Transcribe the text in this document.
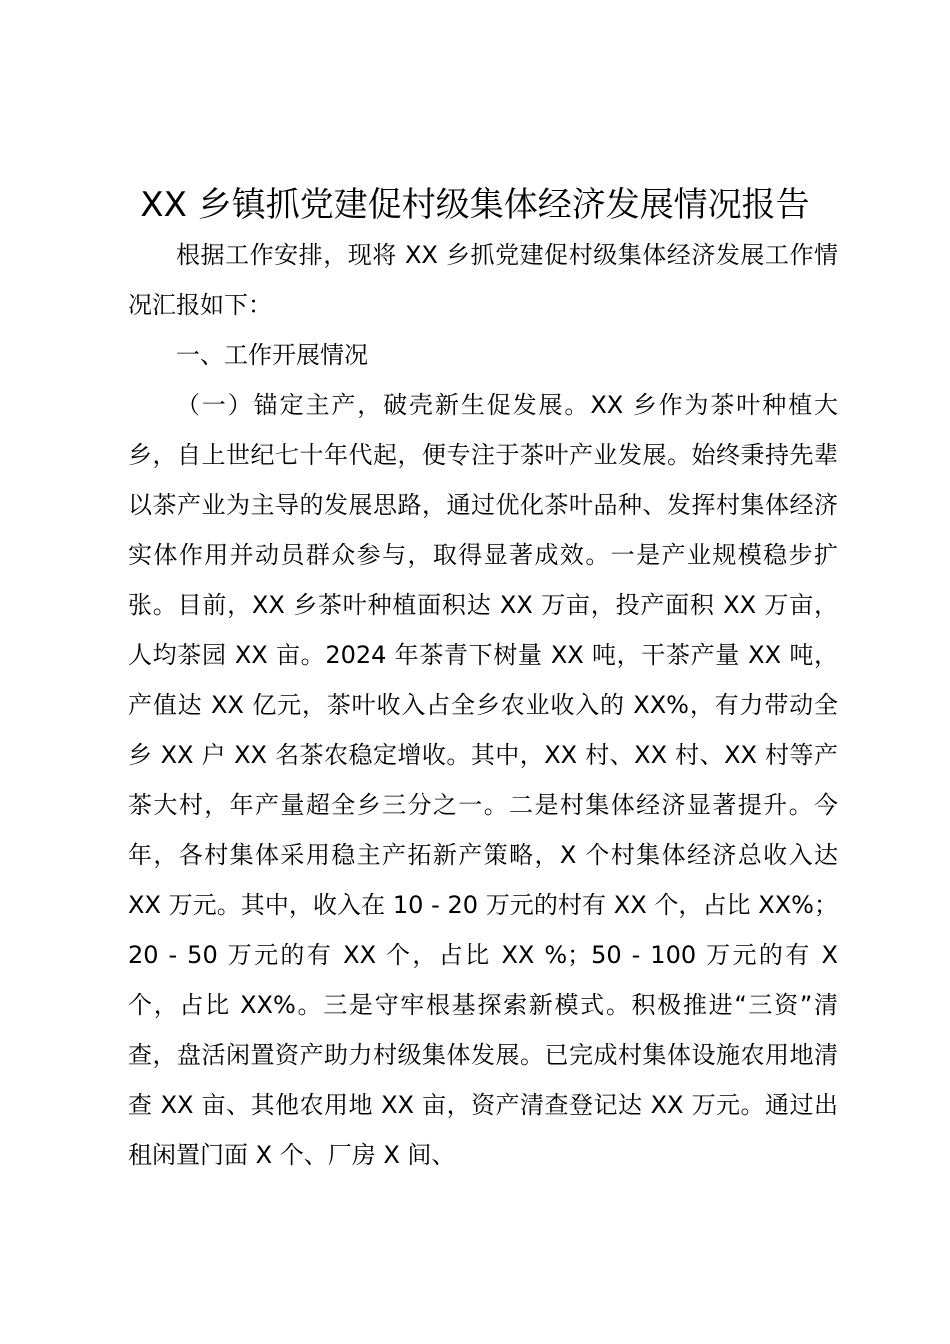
XX 乡镇抓党建促村级集体经济发展情况报告

根据工作安排，现将 XX 乡抓党建促村级集体经济发展工作情况汇报如下：

一、工作开展情况

（一）锚定主产，破壳新生促发展。XX 乡作为茶叶种植大乡，自上世纪七十年代起，便专注于茶叶产业发展。始终秉持先辈以茶产业为主导的发展思路，通过优化茶叶品种、发挥村集体经济实体作用并动员群众参与，取得显著成效。一是产业规模稳步扩张。目前，XX 乡茶叶种植面积达 XX 万亩，投产面积 XX 万亩，人均茶园 XX 亩。2024 年茶青下树量 XX 吨，干茶产量 XX 吨，产值达 XX 亿元，茶叶收入占全乡农业收入的 XX%，有力带动全乡 XX 户 XX 名茶农稳定增收。其中，XX 村、XX 村、XX 村等产茶大村，年产量超全乡三分之一。二是村集体经济显著提升。今年，各村集体采用稳主产拓新产策略，X 个村集体经济总收入达 XX 万元。其中，收入在 10 - 20 万元的村有 XX 个，占比 XX%；20 - 50 万元的有 XX 个，占比 XX %；50 - 100 万元的有 X 个，占比 XX%。三是守牢根基探索新模式。积极推进“三资”清查，盘活闲置资产助力村级集体发展。已完成村集体设施农用地清查 XX 亩、其他农用地 XX 亩，资产清查登记达 XX 万元。通过出租闲置门面 X 个、厂房 X 间、
